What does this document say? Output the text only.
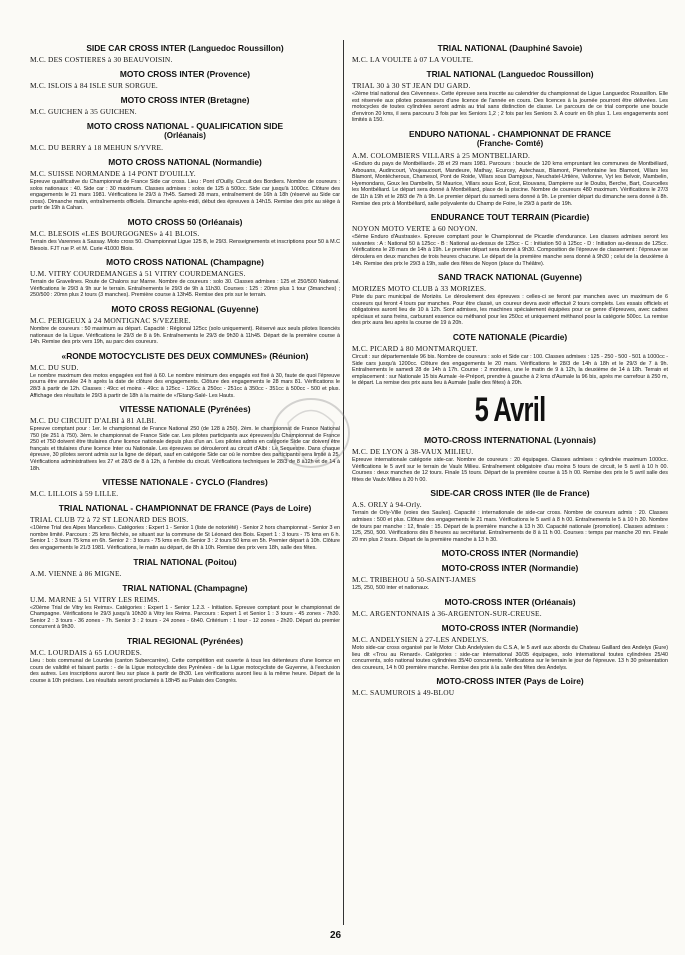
SIDE CAR CROSS INTER (Languedoc Roussillon)
M.C. DES COSTIERES à 30 BEAUVOISIN.
MOTO CROSS INTER (Provence)
M.C. ISLOIS à 84 ISLE SUR SORGUE.
MOTO CROSS INTER (Bretagne)
M.C. GUICHEN à 35 GUICHEN.
MOTO CROSS NATIONAL - QUALIFICATION SIDE
(Orléanais)
M.C. DU BERRY à 18 MEHUN S/YVRE.
MOTO CROSS NATIONAL (Normandie)
M.C. SUISSE NORMANDE à 14 PONT D'OUILLY.

Epreuve qualificative du Championnat de France Side car cross. Lieu : Pont d'Ouilly. Circuit des Bordiers. Nombre de coureurs : solos nationaux : 40. Side car : 30 maximum. Classes admises : solos de 125 à 500cc. Side car jusqu'à 1000cc. Clôture des engagements le 21 mars 1981. Vérifications le 29/3 à 7h45. Samedi 28 mars, entraînement de 16h à 18h (réservé au Side car cross). Dimanche matin, entraînements officiels. Dimanche après-midi, début des épreuves à 14h15. Remise des prix au siège à partir de 19h à Cahan.

MOTO CROSS 50 (Orléanais)
M.C. BLESOIS «LES BOURGOGNES» à 41 BLOIS.

Terrain des Varennes à Sassay. Moto cross 50. Championnat Ligue 125 B, le 29/3. Renseignements et inscriptions pour 50 à M.C Blesois. FJT rue P. et M. Curie 41000 Blois.

MOTO CROSS NATIONAL (Champagne)
U.M. VITRY COURDEMANGES à 51 VITRY COURDEMANGES.

Terrain de Gravelines. Route de Chalons sur Marne. Nombre de coureurs : solo 30. Classes admises : 125 et 250/500 National. Vérifications le 29/3 à 9h sur le terrain. Entraînements le 29/3 de 9h à 11h30. Courses : 125 : 20mn plus 1 tour (3manches) ; 250/500 : 20mn plus 2 tours (3 manches). Première course à 13h45. Remise des prix sur le terrain.

MOTO CROSS REGIONAL (Guyenne)
M.C. PERIGEUX à 24 MONTIGNAC S/VEZERE.

Nombre de coureurs : 50 maximum au départ. Capacité : Régional 125cc (solo uniquement). Réservé aux seuls pilotes licenciés nationaux de la Ligue. Vérifications le 29/3 de 8 à 9h. Entraînements le 29/3 de 9h30 à 11h45. Départ de la première course à 14h. Remise des prix vers 19h, au parc des coureurs.

«RONDE MOTOCYCLISTE DES DEUX COMMUNES» (Réunion)
M.C. DU SUD.

Le nombre maximum des motos engagées est fixé à 60. Le nombre minimum des engagés est fixé à 30, faute de quoi l'épreuve pourra être annulée 24 h après la date de clôture des engagements. Clôture des engagements le 28 mars 81. Vérifications le 28/3 à partir de 12h. Classes : 49cc et moins - 49cc à 125cc - 126cc à 250cc - 251cc à 350cc - 351cc à 500cc - 500 et plus. Affichage des résultats le 29/3 à partir de 18h à la mairie de «l'Etang-Salé- Les Hauts.

VITESSE NATIONALE (Pyrénées)
M.C. DU CIRCUIT D'ALBI à 81 ALBI.

Epreuve comptant pour : 1er. le championnat de France National 250 (de 128 à 250). 2èm. le championnat de France National 750 (de 251 à 750). 3èm. le championnat de France Side car. Les pilotes participants aux épreuves du Championnat de France 250 et 750 doivent être titulaires d'une licence nationale depuis plus d'un an. Les pilotes admis en catégorie Side car doivent être français et titulaires d'une licence Inter ou Nationale. Les épreuves se dérouleront au circuit d'Albi : Le Sequestre. Dans chaque épreuve, 30 pilotes seront admis sur la ligne de départ, sauf en catégorie Side car où le nombre des participants sera limité à 25. Vérifications administratives les 27 et 28/3 de 8 à 12h, à l'entrée du circuit. Vérifications techniques le 28/3 de 8 à12h et de 14 à 18h.

VITESSE NATIONALE - CYCLO (Flandres)
M.C. LILLOIS à 59 LILLE.
TRIAL NATIONAL - CHAMPIONNAT DE FRANCE (Pays de Loire)
TRIAL CLUB 72 à 72 ST LEONARD DES BOIS.

«10ème Trial des Alpes Mancelles». Catégories : Expert 1 - Senior 1 (liste de notoriété) - Senior 2 hors championnat - Senior 3 en nombre limité. Parcours : 25 kms fléchés, se situant sur la commune de St Léonard des Bois. Expert 1 : 3 tours - 75 kms en 6 h. Senior 1 : 3 tours 75 kms en 6h. Senior 2 : 3 tours - 75 kms en 6h. Senior 3 : 2 tours 50 kms en 5h. Premier départ à 10h. Clôture des engagements le 21/3 1981. Vérifications, le matin au départ, de 8h à 10h. Remise des prix vers 18h, salle des fêtes.

TRIAL NATIONAL (Poitou)
A.M. VIENNE à 86 MIGNE.
TRIAL NATIONAL (Champagne)
U.M. MARNE à 51 VITRY LES REIMS.

«20ème Trial de Vitry les Reims». Catégories : Expert 1 - Senior 1.2.3. - Initiation. Epreuve comptant pour le championnat de Champagne. Vérifications le 29/3 jusqu'à 10h30 à Vitry les Reims. Parcours : Expert 1 et Senior 1 : 3 tours - 45 zones - 7h30. Senior 2 : 3 tours - 36 zones - 7h. Senior 3 : 2 tours - 24 zones - 6h40. Critérium : 1 tour - 12 zones - 2h20. Départ du premier concurrent à 9h30.

TRIAL REGIONAL (Pyrénées)
M.C. LOURDAIS à 65 LOURDES.

Lieu : bois communal de Lourdes (canton Subercarrère). Cette compétition est ouverte à tous les détenteurs d'une licence en cours de validité et faisant partis : - de la Ligue motocycliste des Pyrénées - de la Ligue motocycliste de Guyenne, à l'exclusion des autres. Les inscriptions auront lieu sur place à partir de 8h30. Les vérifications auront lieu à la même heure. Départ de la course à 10h précises. Les résultats seront proclamés à 18h45 au Palais des Congrès.

TRIAL NATIONAL (Dauphiné Savoie)
M.C. LA VOULTE à 07 LA VOULTE.
TRIAL NATIONAL (Languedoc Roussillon)
TRIAL 30 à 30 ST JEAN DU GARD.

«2ème trial national des Cévennes». Cette épreuve sera inscrite au calendrier du championnat de Ligue Languedoc Roussillon. Elle est réservée aux pilotes possesseurs d'une licence de l'année en cours. Des licences à la journée pourront être délivrées. Les motocycles de toutes cylindrées seront admis au trial sans distinction de classe. Le parcours de ce trial comporte une boucle d'environ 20 kms, il sera parcouru 3 fois par les Seniors 1,2 ; 2 fois par les Seniors 3. A courir en 6h plus 1. Les engagements sont limités à 150.

ENDURO NATIONAL - CHAMPIONNAT DE FRANCE
(Franche- Comté)
A.M. COLOMBIERS VILLARS à 25 MONTBELIARD.

«Enduro du pays de Montbéliard». 28 et 29 mars 1981. Parcours : boucle de 120 kms empruntant les communes de Montbéliard, Arbouans, Audincourt, Voujeaucourt, Mandeure, Mathay, Ecurcey, Autechaux, Blamont, Pierrefontaine les Blamont, Villars les Blamont, Montécheroux, Chamesol, Pont de Roide, Villars sous Dampjoux, Neuchatel-Urtière, Vallonne, Vyt les Belvoir, Mambelin, Hyemondans, Goux les Dambelin, St Maurice, Villars sous Ecot, Ecot, Etouvans, Dampierre sur le Doubs, Berche, Bart, Courcelles les Montbéliard. Le départ sera donné à Montbéliard, place de la piscine. Nombre de coureurs 480 maximum. Vérifications le 27/3 de 11h à 19h et le 28/3 de 7h à 9h. Le premier départ du samedi sera donné à 9h. Le premier départ du dimanche sera donné à 8h. Remise des prix à Montbéliard, salle polyvalente du Champ de Foire, le 29/3 à partir de 19h.

ENDURANCE TOUT TERRAIN (Picardie)
NOYON MOTO VERTE à 60 NOYON.

«5ème Enduro d'Austrasie». Epreuve comptant pour le Championnat de Picardie d'endurance. Les classes admises seront les suivantes : A : National 50 à 125cc - B : National au-dessus de 125cc - C : Initiation 50 à 125cc - D : Initiation au-dessus de 125cc. Vérifications le 28 mars de 14h à 19h. Le premier départ sera donné à 9h30. Composition de l'épreuve de classement : l'épreuve se déroulera en deux manches de trois heures chacune. Le départ de la première manche sera donné à 9h30 ; celui de la deuxième à 14h. Remise des prix le 29/3 à 19h, salle des fêtes de Noyon (place du Théâtre).

SAND TRACK NATIONAL (Guyenne)
MORIZES MOTO CLUB à 33 MORIZES.

Piste du parc municipal de Morizès. Le déroulement des épreuves : celles-ci se feront par manches avec un maximum de 6 coureurs qui feront 4 tours par manches. Pour être classé, un coureur devra avoir effectué 2 tours complets. Les essais officiels et obligatoires auront lieu de 10 à 12h. Sont admises, les machines spécialement équipées pour ce genre d'épreuves, avec cadres spéciaux et sans freins, carburant essence ou méthanol pour les 250cc et uniquement méthanol pour la catégorie 500cc. La remise des prix aura lieu après la course de 19 à 20h.

COTE NATIONALE (Picardie)
M.C. PICARD à 80 MONTMARQUET.

Circuit : sur départementale 96 bis. Nombre de coureurs : solo et Side car : 100. Classes admises : 125 - 250 - 500 - 501 à 1000cc - Side cars jusqu'à 1200cc. Clôture des engagements le 20 mars. Vérifications le 28/3 de 14h à 18h et le 29/3 de 7 à 9h. Entraînements le samedi 28 de 14h à 17h. Course : 2 montées, une le matin de 9 à 12h, la deuxième de 14 à 18h. Terrain et emplacement : sur Nationale 15 bis Aumale -le-Préport, prendre à gauche à 2 kms d'Aumale la 96 bis, après me carrefour à 250 m, le départ. La remise des prix aura lieu à Aumale (salle des fêtes) à 20h.

5 Avril
MOTO-CROSS INTERNATIONAL (Lyonnais)
M.C. DE LYON à 38-VAUX MILIEU.

Epreuve internationale catégorie side-car. Nombre de coureurs : 20 équipages. Classes admises : cylindrée maximum 1000cc. Vérifications le 5 avril sur le terrain de Vaulx Milieu. Entraînement obligatoire d'au moins 5 tours de circuit, le 5 avril à 10 h 00. Courses : deux manches de 12 tours. Finale 15 tours. Départ de la première course à 15 h 00. Remise des prix le 5 avril salle des fêtes de Vaulx Milieu à 20 h 00.

SIDE-CAR CROSS INTER (Ile de France)
A.S. ORLY à 94-Orly.

Terrain de Orly-Ville (voies des Saules). Capacité : internationale de side-car cross. Nombre de coureurs admis : 20. Classes admises : 500 et plus. Clôture des engagements le 21 mars. Vérifications le 5 avril à 8 h 00. Entraînements le 5 à 10 h 30. Nombre de tours par manche : 12, finale : 15. Départ de la première manche à 13 h 30. Capacité nationale (promotion). Classes admises : 125, 250, 500. Vérifications dès 8 heures au secrétariat. Entraînements de 8 à 11 h 00. Courses : temps par manche 20 mn. Finale 20 mn plus 2 tours. Départ de la première manche à 13 h 30.

MOTO-CROSS INTER (Normandie)
MOTO-CROSS INTER (Normandie)
M.C. TRIBEHOU à 50-SAINT-JAMES

125, 250, 500 inter et nationaux.

MOTO-CROSS INTER (Orléanais)
M.C. ARGENTONNAIS à 36-ARGENTON-SUR-CREUSE.
MOTO-CROSS INTER (Normandie)
M.C. ANDELYSIEN à 27-LES ANDELYS.

Moto side-car cross organisé par le Motor Club Andelysien du C.S.A, le 5 avril aux abords du Chateau Gaillard des Andelys (Eure) lieu dit «Trou au Renard». Catégories : side-car international 30/35 équipages, solo international toutes cylindrées 25/40 concurrents, solo national toutes cylindrées 35/40 concurrents. Vérifications sur le terrain le jour de l'épreuve. 13 h 30 présentation des coureurs, 14 h 00 première manche. Remise des prix à la salle des fêtes des Andelys.

MOTO-CROSS INTER (Pays de Loire)
M.C. SAUMUROIS à 49-BLOU
26
